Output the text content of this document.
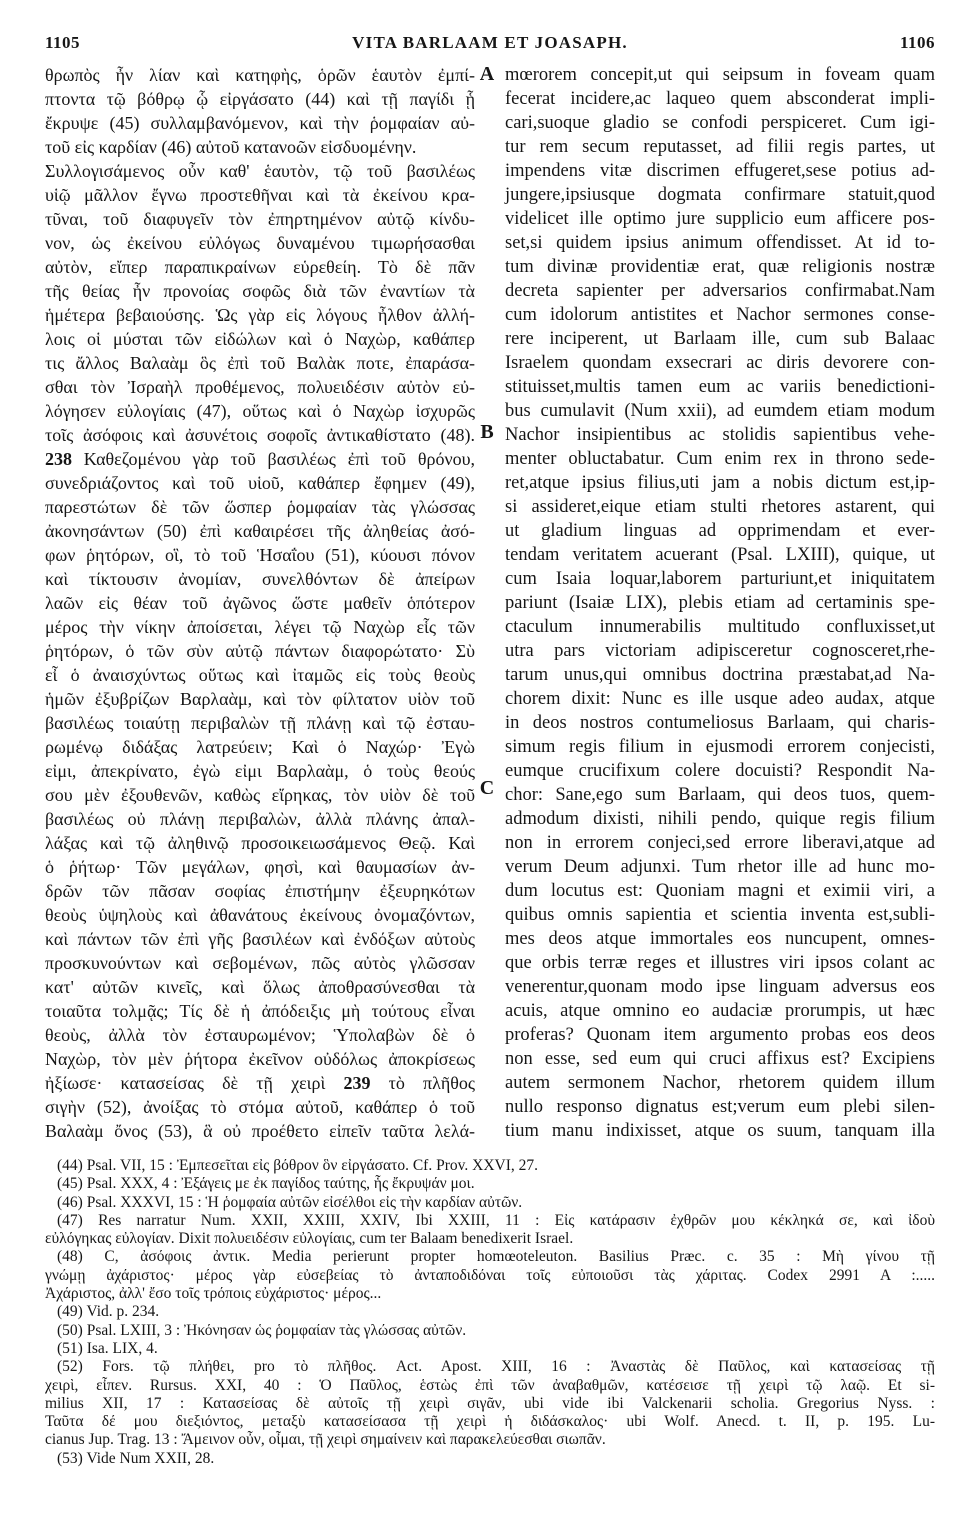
1105	VITA BARLAAM ET JOASAPH.	1106
θρωπὸς ἦν λίαν καὶ κατηφὴς, ὁρῶν ἑαυτὸν ἐμπί-
πτοντα τῷ βόθρῳ ᾧ εἰργάσατο (44) καὶ τῇ παγίδι ᾗ
ἔκρυψε (45) συλλαμβανόμενον, καὶ τὴν ῥομφαίαν αὐ-
τοῦ εἰς καρδίαν (46) αὐτοῦ κατανοῶν εἰσδυομένην.
Συλλογισάμενος οὖν καθ' ἑαυτὸν, τῷ τοῦ βασιλέως
υἱῷ μᾶλλον ἔγνω προστεθῆναι καὶ τὰ ἐκείνου κρα-
τῦναι, τοῦ διαφυγεῖν τὸν ἐπηρτημένον αὐτῷ κίνδυ-
νον, ὡς ἐκείνου εὐλόγως δυναμένου τιμωρήσασθαι
αὐτὸν, εἴπερ παραπικραίνων εὑρεθείη. Τὸ δὲ πᾶν
τῆς θείας ἦν προνοίας σοφῶς διὰ τῶν ἐναντίων τὰ
ἡμέτερα βεβαιούσης. Ὡς γὰρ εἰς λόγους ἦλθον ἀλλή-
λοις οἱ μύσται τῶν εἰδώλων καὶ ὁ Ναχὼρ, καθάπερ
τις ἄλλος Βαλαὰμ ὃς ἐπὶ τοῦ Βαλὰκ ποτε, ἐπαράσα-
σθαι τὸν Ἰσραὴλ προθέμενος, πολυειδέσιν αὐτὸν εὐ-
λόγησεν εὐλογίαις (47), οὕτως καὶ ὁ Ναχὼρ ἰσχυρῶς
τοῖς ἀσόφοις καὶ ἀσυνέτοις σοφοῖς ἀντικαθίστατο (48).
238 Καθεζομένου γὰρ τοῦ βασιλέως ἐπὶ τοῦ θρόνου,
συνεδριάζοντος καὶ τοῦ υἱοῦ, καθάπερ ἔφημεν (49),
παρεστώτων δὲ τῶν ὥσπερ ῥομφαίαν τὰς γλώσσας
ἀκονησάντων (50) ἐπὶ καθαιρέσει τῆς ἀληθείας ἀσό-
φων ῥητόρων, οἳ, τὸ τοῦ Ἡσαΐου (51), κύουσι πόνον
καὶ τίκτουσιν ἀνομίαν, συνελθόντων δὲ ἀπείρων
λαῶν εἰς θέαν τοῦ ἀγῶνος ὥστε μαθεῖν ὁπότερον
μέρος τὴν νίκην ἀποίσεται, λέγει τῷ Ναχὼρ εἷς τῶν
ῥητόρων, ὁ τῶν σὺν αὐτῷ πάντων διαφορώτατο· Σὺ
εἶ ὁ ἀναισχύντως οὕτως καὶ ἰταμῶς εἰς τοὺς θεοὺς
ἡμῶν ἐξυβρίζων Βαρλαὰμ, καὶ τὸν φίλτατον υἱὸν τοῦ
βασιλέως τοιαύτῃ περιβαλὼν τῇ πλάνῃ καὶ τῷ ἐσταυ-
ρωμένῳ διδάξας λατρεύειν; Καὶ ὁ Ναχώρ· Ἐγὼ
εἰμι, ἀπεκρίνατο, ἐγὼ εἰμι Βαρλαὰμ, ὁ τοὺς θεούς
σου μὲν ἐξουθενῶν, καθὼς εἴρηκας, τὸν υἱὸν δὲ τοῦ
βασιλέως οὐ πλάνῃ περιβαλὼν, ἀλλὰ πλάνης ἀπαλ-
λάξας καὶ τῷ ἀληθινῷ προσοικειωσάμενος Θεῷ. Καὶ
ὁ ῥήτωρ· Τῶν μεγάλων, φησὶ, καὶ θαυμασίων ἀν-
δρῶν τῶν πᾶσαν σοφίας ἐπιστήμην ἐξευρηκότων
θεοὺς ὑψηλοὺς καὶ ἀθανάτους ἐκείνους ὀνομαζόντων,
καὶ πάντων τῶν ἐπὶ γῆς βασιλέων καὶ ἐνδόξων αὐτοὺς
προσκυνούντων καὶ σεβομένων, πῶς αὐτὸς γλῶσσαν
κατ' αὐτῶν κινεῖς, καὶ ὅλως ἀποθρασύνεσθαι τὰ
τοιαῦτα τολμᾷς; Τίς δὲ ἡ ἀπόδειξις μὴ τούτους εἶναι
θεοὺς, ἀλλὰ τὸν ἐσταυρωμένον; Ὑπολαβὼν δὲ ὁ
Ναχὼρ, τὸν μὲν ῥήτορα ἐκεῖνον οὐδόλως ἀποκρίσεως
ἠξίωσε· κατασείσας δὲ τῇ χειρὶ 239 τὸ πλῆθος
σιγὴν (52), ἀνοίξας τὸ στόμα αὐτοῦ, καθάπερ ὁ τοῦ
Βαλαὰμ ὄνος (53), ἃ οὐ προέθετο εἰπεῖν ταῦτα λελά-
mœrorem concepit,ut qui seipsum in foveam quam
fecerat incidere,ac laqueo quem absconderat impli-
cari,suoque gladio se confodi perspiceret. Cum igi-
tur rem secum reputasset, ad filii regis partes, ut
impendens vitæ discrimen effugeret,sese potius ad-
jungere,ipsiusque dogmata confirmare statuit,quod
videlicet ille optimo jure supplicio eum afficere pos-
set,si quidem ipsius animum offendisset. At id to-
tum divinæ providentiæ erat, quæ religionis nostræ
decreta sapienter per adversarios confirmabat.Nam
cum idolorum antistites et Nachor sermones conse-
rere inciperent, ut Barlaam ille, cum sub Balaac
Israelem quondam exsecrari ac diris devorere con-
stituisset,multis tamen eum ac variis benedictioni-
bus cumulavit (Num xxii), ad eumdem etiam modum
Nachor insipientibus ac stolidis sapientibus vehe-
menter obluctabatur. Cum enim rex in throno sede-
ret,atque ipsius filius,uti jam a nobis dictum est,ip-
si assideret,eique etiam stulti rhetores astarent, qui
ut gladium linguas ad opprimendam et ever-
tendam veritatem acuerant (Psal. LXIII), quique, ut
cum Isaia loquar,laborem parturiunt,et iniquitatem
pariunt (Isaiæ LIX), plebis etiam ad certaminis spe-
ctaculum innumerabilis multitudo confluxisset,ut
utra pars victoriam adipisceretur cognosceret,rhe-
tarum unus,qui omnibus doctrina præstabat,ad Na-
chorem dixit: Nunc es ille usque adeo audax, atque
in deos nostros contumeliosus Barlaam, qui charis-
simum regis filium in ejusmodi errorem conjecisti,
eumque crucifixum colere docuisti? Respondit Na-
chor: Sane,ego sum Barlaam, qui deos tuos, quem-
admodum dixisti, nihili pendo, quique regis filium
non in errorem conjeci,sed errore liberavi,atque ad
verum Deum adjunxi. Tum rhetor ille ad hunc mo-
dum locutus est: Quoniam magni et eximii viri, a
quibus omnis sapientia et scientia inventa est,subli-
mes deos atque immortales eos nuncupent, omnes-
que orbis terræ reges et illustres viri ipsos colant ac
venerentur,quonam modo ipse linguam adversus eos
acuis, atque omnino eo audaciæ prorumpis, ut hæc
proferas? Quonam item argumento probas eos deos
non esse, sed eum qui cruci affixus est? Excipiens
autem sermonem Nachor, rhetorem quidem illum
nullo responso dignatus est;verum eum plebi silen-
tium manu indixisset, atque os suum, tanquam illa
A
B
C
(44) Psal. VII, 15 : Ἐμπεσεῖται εἰς βόθρον ὃν εἰργάσατο. Cf. Prov. XXVI, 27.
(45) Psal. XXX, 4 : Ἐξάγεις με ἐκ παγίδος ταύτης, ἧς ἔκρυψάν μοι.
(46) Psal. XXXVI, 15 : Ἡ ῥομφαία αὐτῶν εἰσέλθοι εἰς τὴν καρδίαν αὐτῶν.
(47) Res narratur Num. XXII, XXIII, XXIV, Ibi XXIII, 11 : Εἰς κατάρασιν ἐχθρῶν μου κέκληκά σε, καὶ ἰδοὺ
εὐλόγηκας εὐλογίαν. Dixit πολυειδέσιν εὐλογίαις, cum ter Balaam benedixerit Israel.
(48) C, ἀσόφοις ἀντικ. Media perierunt propter homœoteleuton. Basilius Præc. c. 35 : Μὴ γίνου τῇ
γνώμῃ ἀχάριστος· μέρος γὰρ εὐσεβείας τὸ ἀνταποδιδόναι τοῖς εὐποιοῦσι τὰς χάριτας. Codex 2991 A :.....
Ἀχάριστος, ἀλλ' ἔσο τοῖς τρόποις εὐχάριστος· μέρος...
(49) Vid. p. 234.
(50) Psal. LXIII, 3 : Ἠκόνησαν ὡς ῥομφαίαν τὰς γλώσσας αὐτῶν.
(51) Isa. LIX, 4.
(52) Fors. τῷ πλήθει, pro τὸ πλῆθος. Act. Apost. XIII, 16 : Ἀναστὰς δὲ Παῦλος, καὶ κατασείσας τῇ
χειρὶ, εἶπεν. Rursus. XXI, 40 : Ὁ Παῦλος, ἑστὼς ἐπὶ τῶν ἀναβαθμῶν, κατέσεισε τῇ χειρὶ τῷ λαῷ. Et si-
milius XII, 17 : Κατασείσας δὲ αὐτοῖς τῇ χειρὶ σιγᾶν, ubi vide ibi Valckenarii scholia. Gregorius Nyss. :
Ταῦτα δέ μου διεξιόντος, μεταξὺ κατασείσασα τῇ χειρὶ ἡ διδάσκαλος· ubi Wolf. Anecd. t. II, p. 195. Lu-
cianus Jup. Trag. 13 : Ἄμεινον οὖν, οἶμαι, τῇ χειρὶ σημαίνειν καὶ παρακελεύεσθαι σιωπᾶν.
(53) Vide Num XXII, 28.
